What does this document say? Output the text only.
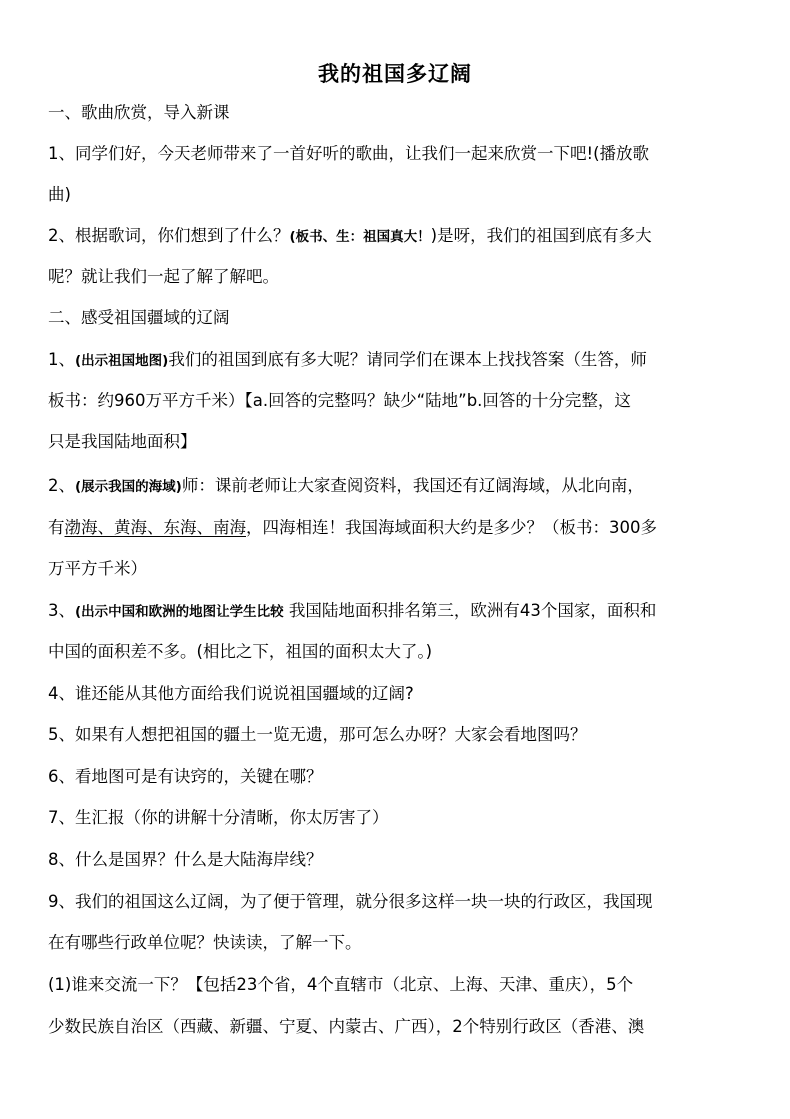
我的祖国多辽阔
一、歌曲欣赏，导入新课
1、同学们好，今天老师带来了一首好听的歌曲，让我们一起来欣赏一下吧!(播放歌
曲)
2、根据歌词，你们想到了什么？(板书、生：祖国真大！)是呀，我们的祖国到底有多大
呢？就让我们一起了解了解吧。
二、感受祖国疆域的辽阔
1、(出示祖国地图)我们的祖国到底有多大呢？请同学们在课本上找找答案（生答，师
板书：约960万平方千米）【a.回答的完整吗？缺少“陆地”b.回答的十分完整，这
只是我国陆地面积】
2、(展示我国的海域)师：课前老师让大家查阅资料，我国还有辽阔海域，从北向南，
有渤海、黄海、东海、南海，四海相连！我国海域面积大约是多少？（板书：300多
万平方千米）
3、(出示中国和欧洲的地图让学生比较 我国陆地面积排名第三，欧洲有43个国家，面积和
中国的面积差不多。(相比之下，祖国的面积太大了。)
4、谁还能从其他方面给我们说说祖国疆域的辽阔?
5、如果有人想把祖国的疆土一览无遗，那可怎么办呀？大家会看地图吗？
6、看地图可是有诀窍的，关键在哪？
7、生汇报（你的讲解十分清晰，你太厉害了）
8、什么是国界？什么是大陆海岸线？
9、我们的祖国这么辽阔，为了便于管理，就分很多这样一块一块的行政区，我国现
在有哪些行政单位呢？快读读，了解一下。
(1)谁来交流一下？【包括23个省，4个直辖市（北京、上海、天津、重庆），5个
少数民族自治区（西藏、新疆、宁夏、内蒙古、广西），2个特别行政区（香港、澳
